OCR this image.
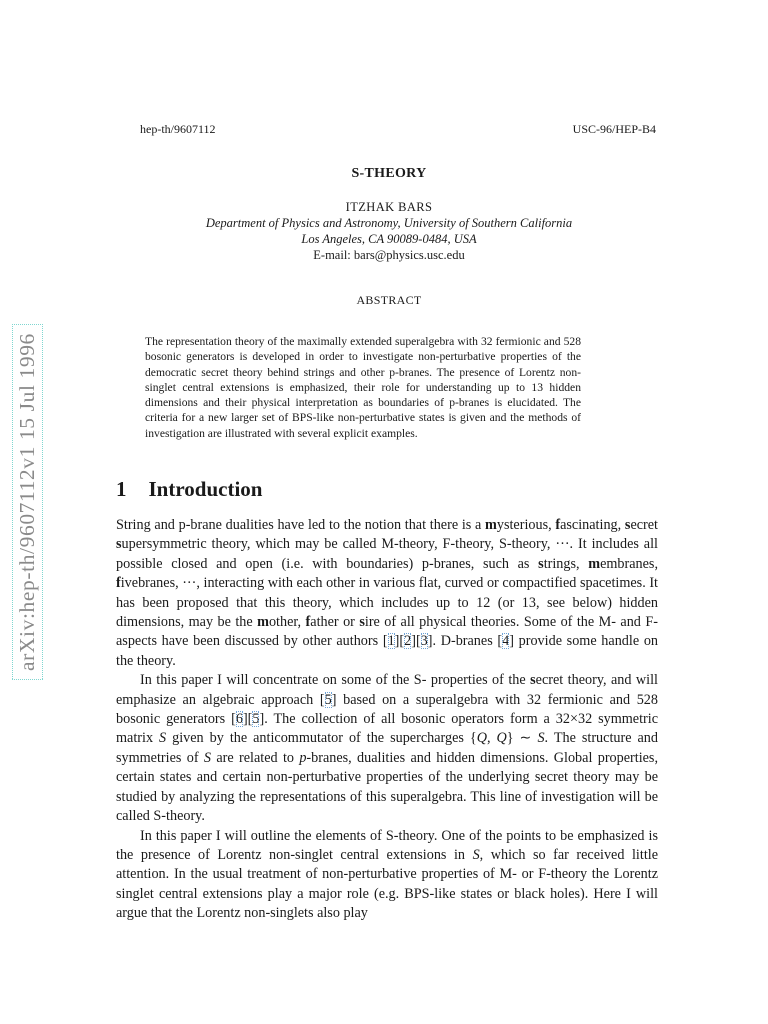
hep-th/9607112	USC-96/HEP-B4
S-THEORY
ITZHAK BARS
Department of Physics and Astronomy, University of Southern California
Los Angeles, CA 90089-0484, USA
E-mail: bars@physics.usc.edu
ABSTRACT
The representation theory of the maximally extended superalgebra with 32 fermionic and 528 bosonic generators is developed in order to investigate non-perturbative properties of the democratic secret theory behind strings and other p-branes. The presence of Lorentz non-singlet central extensions is emphasized, their role for understanding up to 13 hidden dimensions and their physical interpretation as boundaries of p-branes is elucidated. The criteria for a new larger set of BPS-like non-perturbative states is given and the methods of investigation are illustrated with several explicit examples.
1 Introduction

String and p-brane dualities have led to the notion that there is a mysterious, fascinating, secret supersymmetric theory, which may be called M-theory, F-theory, S-theory, ···. It includes all possible closed and open (i.e. with boundaries) p-branes, such as strings, membranes, fivebranes, ···, interacting with each other in various flat, curved or compactified spacetimes. It has been proposed that this theory, which includes up to 12 (or 13, see below) hidden dimensions, may be the mother, father or sire of all physical theories. Some of the M- and F- aspects have been discussed by other authors [1][2][3]. D-branes [4] provide some handle on the theory.

In this paper I will concentrate on some of the S- properties of the secret theory, and will emphasize an algebraic approach [5] based on a superalgebra with 32 fermionic and 528 bosonic generators [6][5]. The collection of all bosonic operators form a 32×32 symmetric matrix S given by the anticommutator of the supercharges {Q, Q} ∼ S. The structure and symmetries of S are related to p-branes, dualities and hidden dimensions. Global properties, certain states and certain non-perturbative properties of the underlying secret theory may be studied by analyzing the representations of this superalgebra. This line of investigation will be called S-theory.

In this paper I will outline the elements of S-theory. One of the points to be emphasized is the presence of Lorentz non-singlet central extensions in S, which so far received little attention. In the usual treatment of non-perturbative properties of M- or F-theory the Lorentz singlet central extensions play a major role (e.g. BPS-like states or black holes). Here I will argue that the Lorentz non-singlets also play

arXiv:hep-th/9607112v1 15 Jul 1996
